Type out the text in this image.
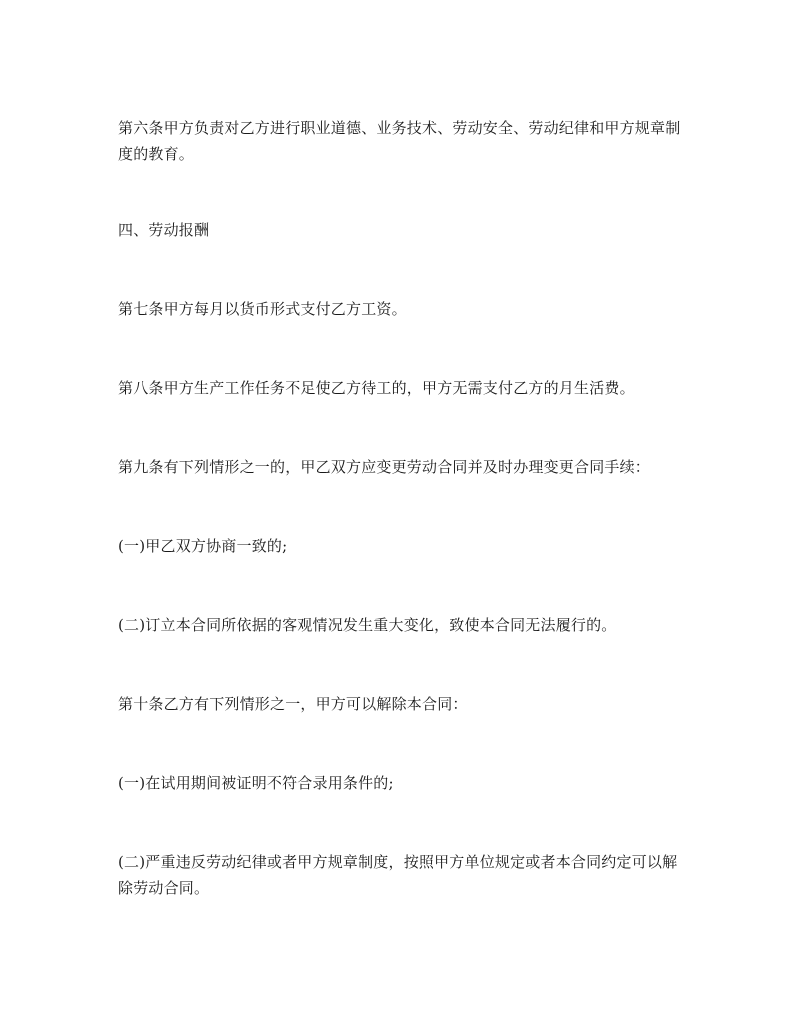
第六条甲方负责对乙方进行职业道德、业务技术、劳动安全、劳动纪律和甲方规章制度的教育。

四、劳动报酬

第七条甲方每月以货币形式支付乙方工资。

第八条甲方生产工作任务不足使乙方待工的，甲方无需支付乙方的月生活费。

第九条有下列情形之一的，甲乙双方应变更劳动合同并及时办理变更合同手续：

(一)甲乙双方协商一致的;

(二)订立本合同所依据的客观情况发生重大变化，致使本合同无法履行的。

第十条乙方有下列情形之一，甲方可以解除本合同：

(一)在试用期间被证明不符合录用条件的;

(二)严重违反劳动纪律或者甲方规章制度，按照甲方单位规定或者本合同约定可以解除劳动合同。
